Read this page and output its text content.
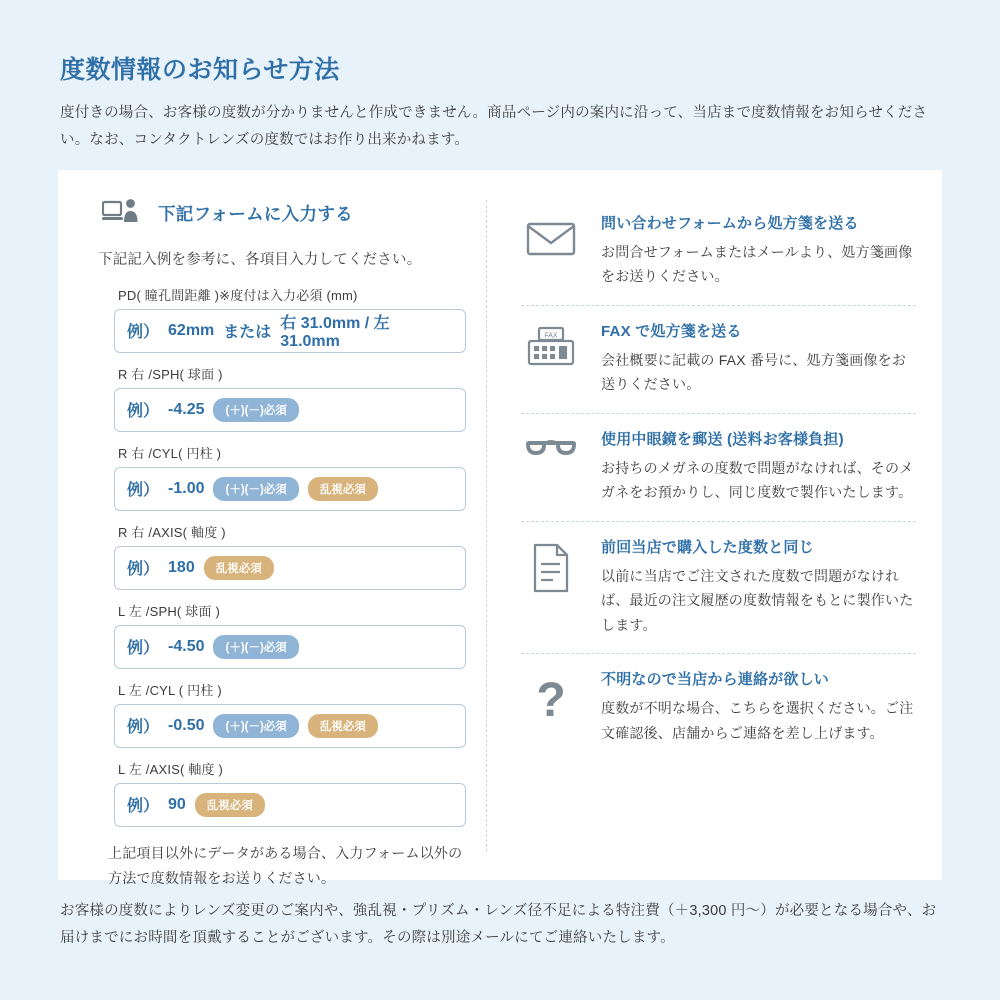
度数情報のお知らせ方法

度付きの場合、お客様の度数が分かりませんと作成できません。商品ページ内の案内に沿って、当店まで度数情報をお知らせください。なお、コンタクトレンズの度数ではお作り出来かねます。

下記フォームに入力する
下記記入例を参考に、各項目入力してください。
PD( 瞳孔間距離 )※度付は入力必須 (mm)
例） 62mm または
右 31.0mm / 左 31.0mm
R 右 /SPH( 球面 )
例） -4.25	(＋)(－)必須
R 右 /CYL( 円柱 )
例） -1.00	(＋)(－)必須	乱視必須
R 右 /AXIS( 軸度 )
例） 180	乱視必須
L 左 /SPH( 球面 )
例） -4.50	(＋)(－)必須
L 左 /CYL ( 円柱 )
例） -0.50	(＋)(－)必須	乱視必須
L 左 /AXIS( 軸度 )
例） 90	乱視必須
上記項目以外にデータがある場合、入力フォーム以外の方法で度数情報をお送りください。
問い合わせフォームから処方箋を送る
お問合せフォームまたはメールより、処方箋画像をお送りください。
FAX	FAX で処方箋を送る
会社概要に記載の FAX 番号に、処方箋画像をお送りください。
使用中眼鏡を郵送 (送料お客様負担)
お持ちのメガネの度数で問題がなければ、そのメガネをお預かりし、同じ度数で製作いたします。
前回当店で購入した度数と同じ
以前に当店でご注文された度数で問題がなければ、最近の注文履歴の度数情報をもとに製作いたします。
? 不明なので当店から連絡が欲しい
度数が不明な場合、こちらを選択ください。ご注文確認後、店舗からご連絡を差し上げます。

お客様の度数によりレンズ変更のご案内や、強乱視・プリズム・レンズ径不足による特注費（＋3,300 円〜）が必要となる場合や、お届けまでにお時間を頂戴することがございます。その際は別途メールにてご連絡いたします。
